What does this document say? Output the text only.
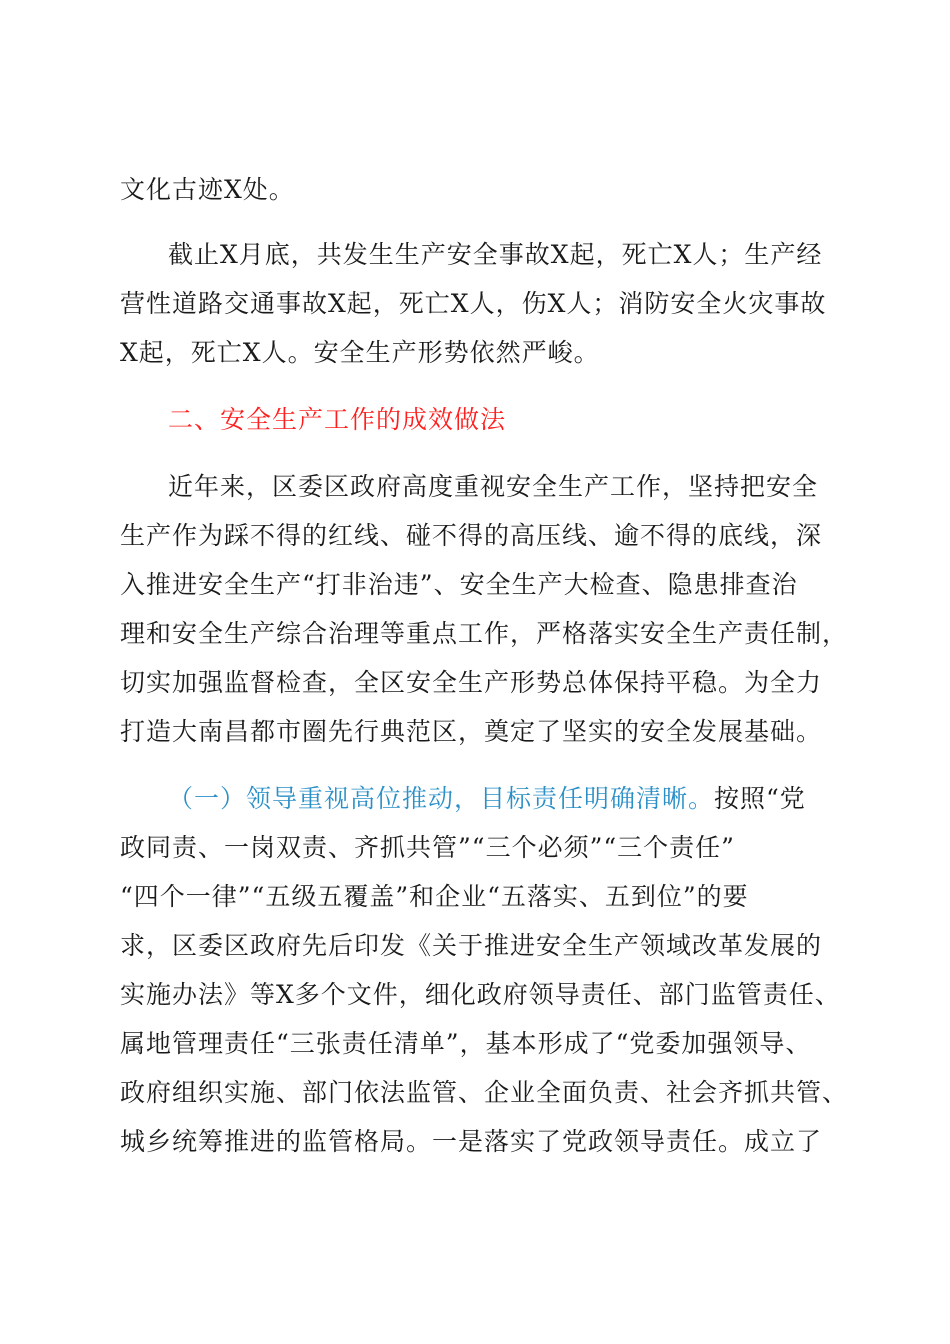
文化古迹X处。
截止X月底，共发生生产安全事故X起，死亡X人；生产经
营性道路交通事故X起，死亡X人，伤X人；消防安全火灾事故
X起，死亡X人。安全生产形势依然严峻。
二、安全生产工作的成效做法
近年来，区委区政府高度重视安全生产工作，坚持把安全
生产作为踩不得的红线、碰不得的高压线、逾不得的底线，深
入推进安全生产“打非治违”、安全生产大检查、隐患排查治
理和安全生产综合治理等重点工作，严格落实安全生产责任制，
切实加强监督检查，全区安全生产形势总体保持平稳。为全力
打造大南昌都市圈先行典范区，奠定了坚实的安全发展基础。
（一）领导重视高位推动，目标责任明确清晰。按照“党
政同责、一岗双责、齐抓共管”“三个必须”“三个责任”
“四个一律”“五级五覆盖”和企业“五落实、五到位”的要
求，区委区政府先后印发《关于推进安全生产领域改革发展的
实施办法》等X多个文件，细化政府领导责任、部门监管责任、
属地管理责任“三张责任清单”，基本形成了“党委加强领导、
政府组织实施、部门依法监管、企业全面负责、社会齐抓共管、
城乡统筹推进的监管格局。一是落实了党政领导责任。成立了
